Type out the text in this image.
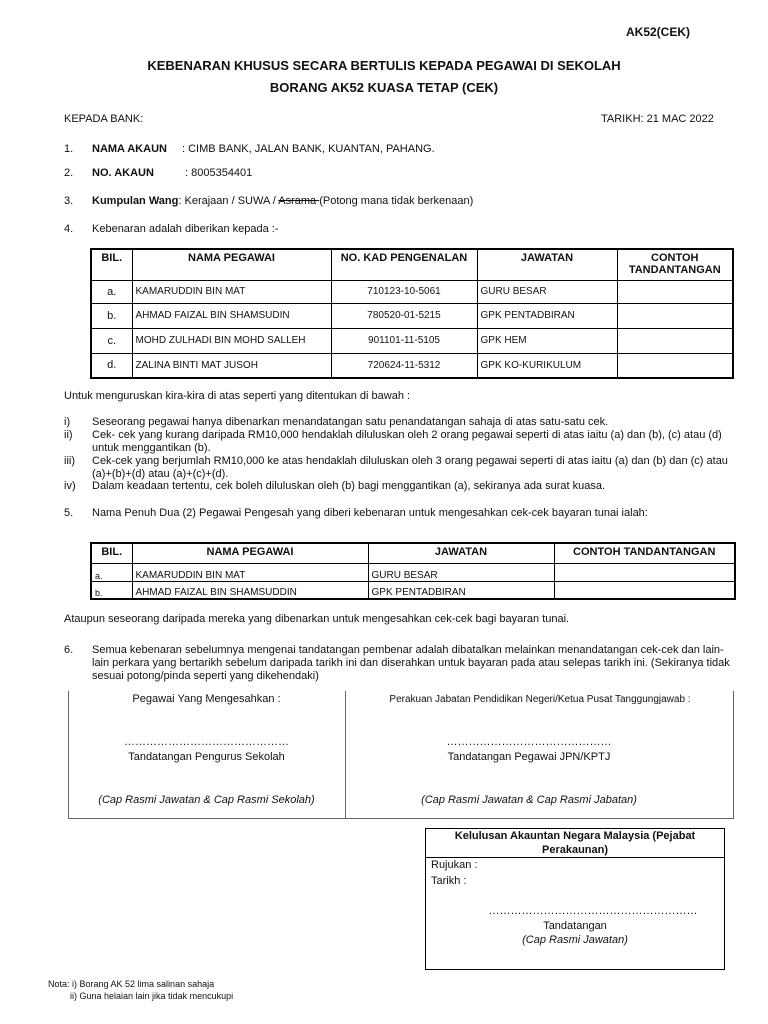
AK52(CEK)
KEBENARAN KHUSUS SECARA BERTULIS KEPADA PEGAWAI DI SEKOLAH
BORANG AK52 KUASA TETAP (CEK)
KEPADA BANK:	TARIKH: 21 MAC 2022
1. NAMA AKAUN : CIMB BANK, JALAN BANK, KUANTAN, PAHANG.
2. NO. AKAUN	: 8005354401
3. Kumpulan Wang: Kerajaan / SUWA / Asrama (Potong mana tidak berkenaan)
4. Kebenaran adalah diberikan kepada :-
BIL.	NAMA PEGAWAI	NO. KAD PENGENALAN	JAWATAN	CONTOH TANDANTANGAN
a.	KAMARUDDIN BIN MAT	710123-10-5061	GURU BESAR	
b.	AHMAD FAIZAL BIN SHAMSUDIN	780520-01-5215	GPK PENTADBIRAN	
c.	MOHD ZULHADI BIN MOHD SALLEH	901101-11-5105	GPK HEM	
d.	ZALINA BINTI MAT JUSOH	720624-11-5312	GPK KO-KURIKULUM	
Untuk menguruskan kira-kira di atas seperti yang ditentukan di bawah :
i) Seseorang pegawai hanya dibenarkan menandatangan satu penandatangan sahaja di atas satu-satu cek.
ii) Cek- cek yang kurang daripada RM10,000 hendaklah diluluskan oleh 2 orang pegawai seperti di atas iaitu (a) dan (b), (c) atau (d) untuk menggantikan (b).
iii) Cek-cek yang berjumlah RM10,000 ke atas hendaklah diluluskan oleh 3 orang pegawai seperti di atas iaitu (a) dan (b) dan (c) atau (a)+(b)+(d) atau (a)+(c)+(d).
iv) Dalam keadaan tertentu, cek boleh diluluskan oleh (b) bagi menggantikan (a), sekiranya ada surat kuasa.
5. Nama Penuh Dua (2) Pegawai Pengesah yang diberi kebenaran untuk mengesahkan cek-cek bayaran tunai ialah:
BIL.	NAMA PEGAWAI	JAWATAN	CONTOH TANDANTANGAN
a.	KAMARUDDIN BIN MAT	GURU BESAR	
b.	AHMAD FAIZAL BIN SHAMSUDDIN	GPK PENTADBIRAN	
Ataupun seseorang daripada mereka yang dibenarkan untuk mengesahkan cek-cek bagi bayaran tunai.
6. Semua kebenaran sebelumnya mengenai tandatangan pembenar adalah dibatalkan melainkan menandatangan cek-cek dan lain-lain perkara yang bertarikh sebelum daripada tarikh ini dan diserahkan untuk bayaran pada atau selepas tarikh ini. (Sekiranya tidak sesuai potong/pinda seperti yang dikehendaki)
Pegawai Yang Mengesahkan :
………………………………………
Tandatangan Pengurus Sekolah
(Cap Rasmi Jawatan & Cap Rasmi Sekolah)
Perakuan Jabatan Pendidikan Negeri/Ketua Pusat Tanggungjawab :
………………………………………
Tandatangan Pegawai JPN/KPTJ
(Cap Rasmi Jawatan & Cap Rasmi Jabatan)
Kelulusan Akauntan Negara Malaysia (Pejabat
Perakaunan)
Rujukan :
Tarikh :
…………………………………………………
Tandatangan
(Cap Rasmi Jawatan)
Nota: i) Borang AK 52 lima salinan sahaja
ii) Guna helaian lain jika tidak mencukupi
